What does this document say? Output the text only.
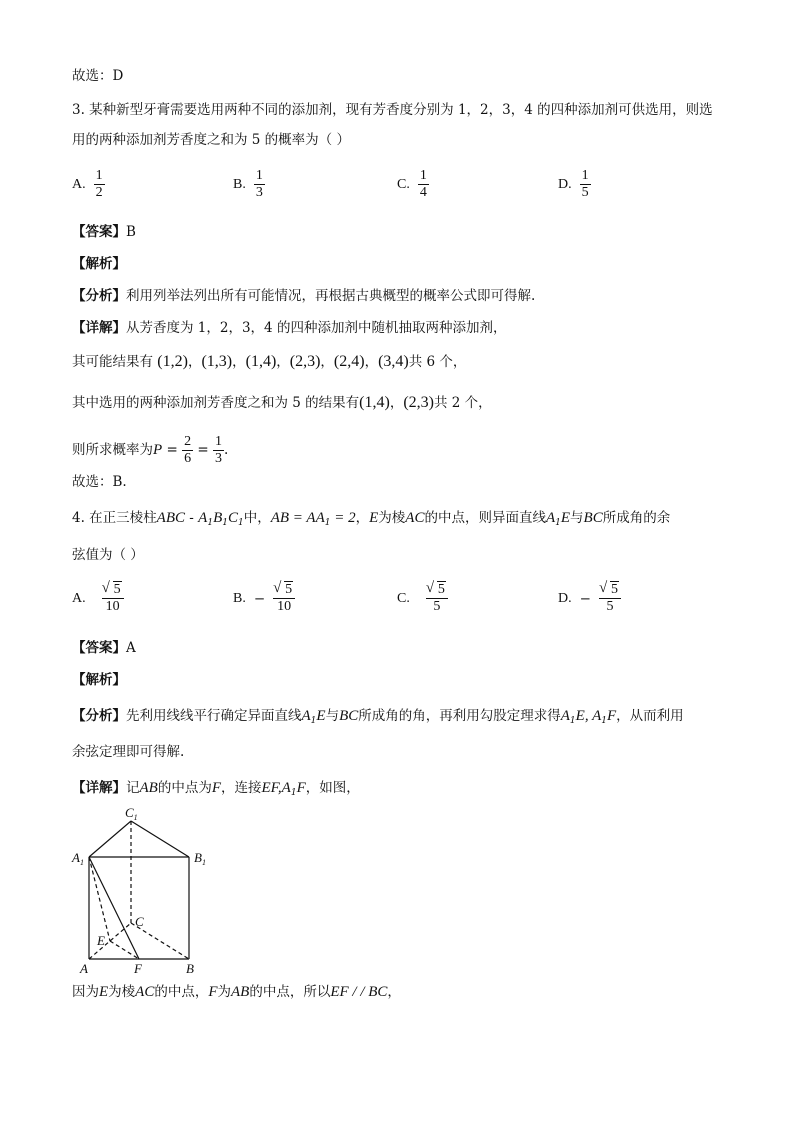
故选：D
3. 某种新型牙膏需要选用两种不同的添加剂，现有芳香度分别为 1，2，3，4 的四种添加剂可供选用，则选
用的两种添加剂芳香度之和为 5 的概率为（ ）
A. $\frac{1}{2}$	B. $\frac{1}{3}$	C. $\frac{1}{4}$	D. $\frac{1}{5}$
【答案】B
【解析】
【分析】利用列举法列出所有可能情况，再根据古典概型的概率公式即可得解.
【详解】从芳香度为 1，2，3，4 的四种添加剂中随机抽取两种添加剂，
其可能结果有 (1,2)，(1,3)，(1,4)，(2,3)，(2,4)，(3,4)共 6 个，
其中选用的两种添加剂芳香度之和为 5 的结果有(1,4)，(2,3)共 2 个，
则所求概率为$P = \frac{2}{6} = \frac{1}{3}$ .
故选：B.
4. 在正三棱柱ABC - $A_1B_1C_1$中，AB = $AA_1 = 2$，E为棱AC的中点，则异面直线$A_1E$与BC所成角的余
弦值为（ ）
A. √ $\frac{5}{10}$	B. − √ $\frac{5}{10}$	C. √ $\frac{5}{5}$	D. − √ $\frac{5}{5}$
【答案】A
【解析】
【分析】先利用线线平行确定异面直线$A_1E$与BC所成角的角，再利用勾股定理求得$A_1E$, $A_1F$，从而利用
余弦定理即可得解.
【详解】记AB的中点为F，连接$EF,A_1F$，如图，
$C_1$
$A_1$	$B_1$
C
E
A	F	B
因为E为棱AC的中点，F为AB的中点，所以EF / / BC，
